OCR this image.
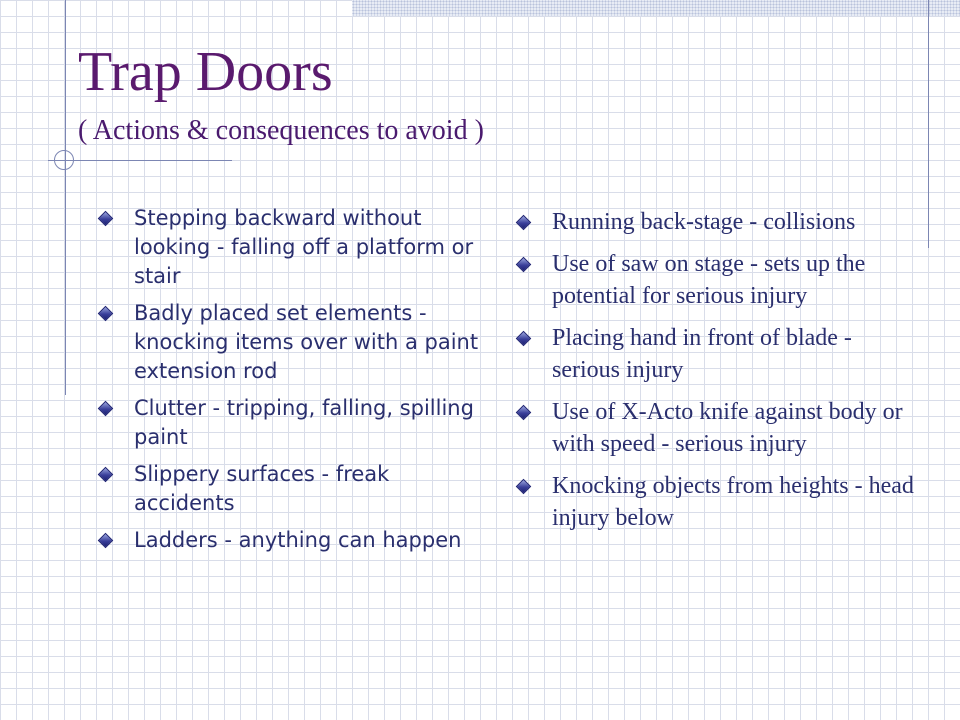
Trap Doors
( Actions & consequences to avoid )
Stepping backward without looking - falling off a platform or stair
Badly placed set elements - knocking items over with a paint extension rod
Clutter - tripping, falling, spilling paint
Slippery surfaces - freak accidents
Ladders - anything can happen
Running back-stage - collisions
Use of saw on stage - sets up the potential for serious injury
Placing hand in front of blade - serious injury
Use of X-Acto knife against body or with speed - serious injury
Knocking objects from heights - head injury below
